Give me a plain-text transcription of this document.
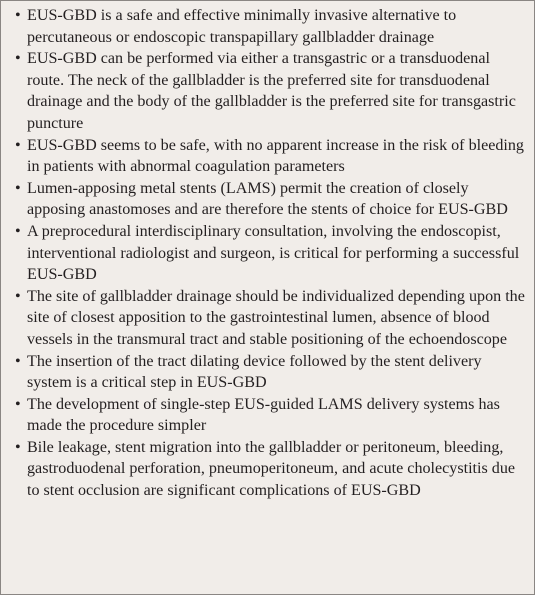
• EUS-GBD is a safe and effective minimally invasive alternative to percutaneous or endoscopic transpapillary gallbladder drainage
• EUS-GBD can be performed via either a transgastric or a transduodenal route. The neck of the gallbladder is the preferred site for transduodenal drainage and the body of the gallbladder is the preferred site for transgastric puncture
• EUS-GBD seems to be safe, with no apparent increase in the risk of bleeding in patients with abnormal coagulation parameters
• Lumen-apposing metal stents (LAMS) permit the creation of closely apposing anastomoses and are therefore the stents of choice for EUS-GBD
• A preprocedural interdisciplinary consultation, involving the endoscopist, interventional radiologist and surgeon, is critical for performing a successful EUS-GBD
• The site of gallbladder drainage should be individualized depending upon the site of closest apposition to the gastrointestinal lumen, absence of blood vessels in the transmural tract and stable positioning of the echoendoscope
• The insertion of the tract dilating device followed by the stent delivery system is a critical step in EUS-GBD
• The development of single-step EUS-guided LAMS delivery systems has made the procedure simpler
• Bile leakage, stent migration into the gallbladder or peritoneum, bleeding, gastroduodenal perforation, pneumoperitoneum, and acute cholecystitis due to stent occlusion are significant complications of EUS-GBD
